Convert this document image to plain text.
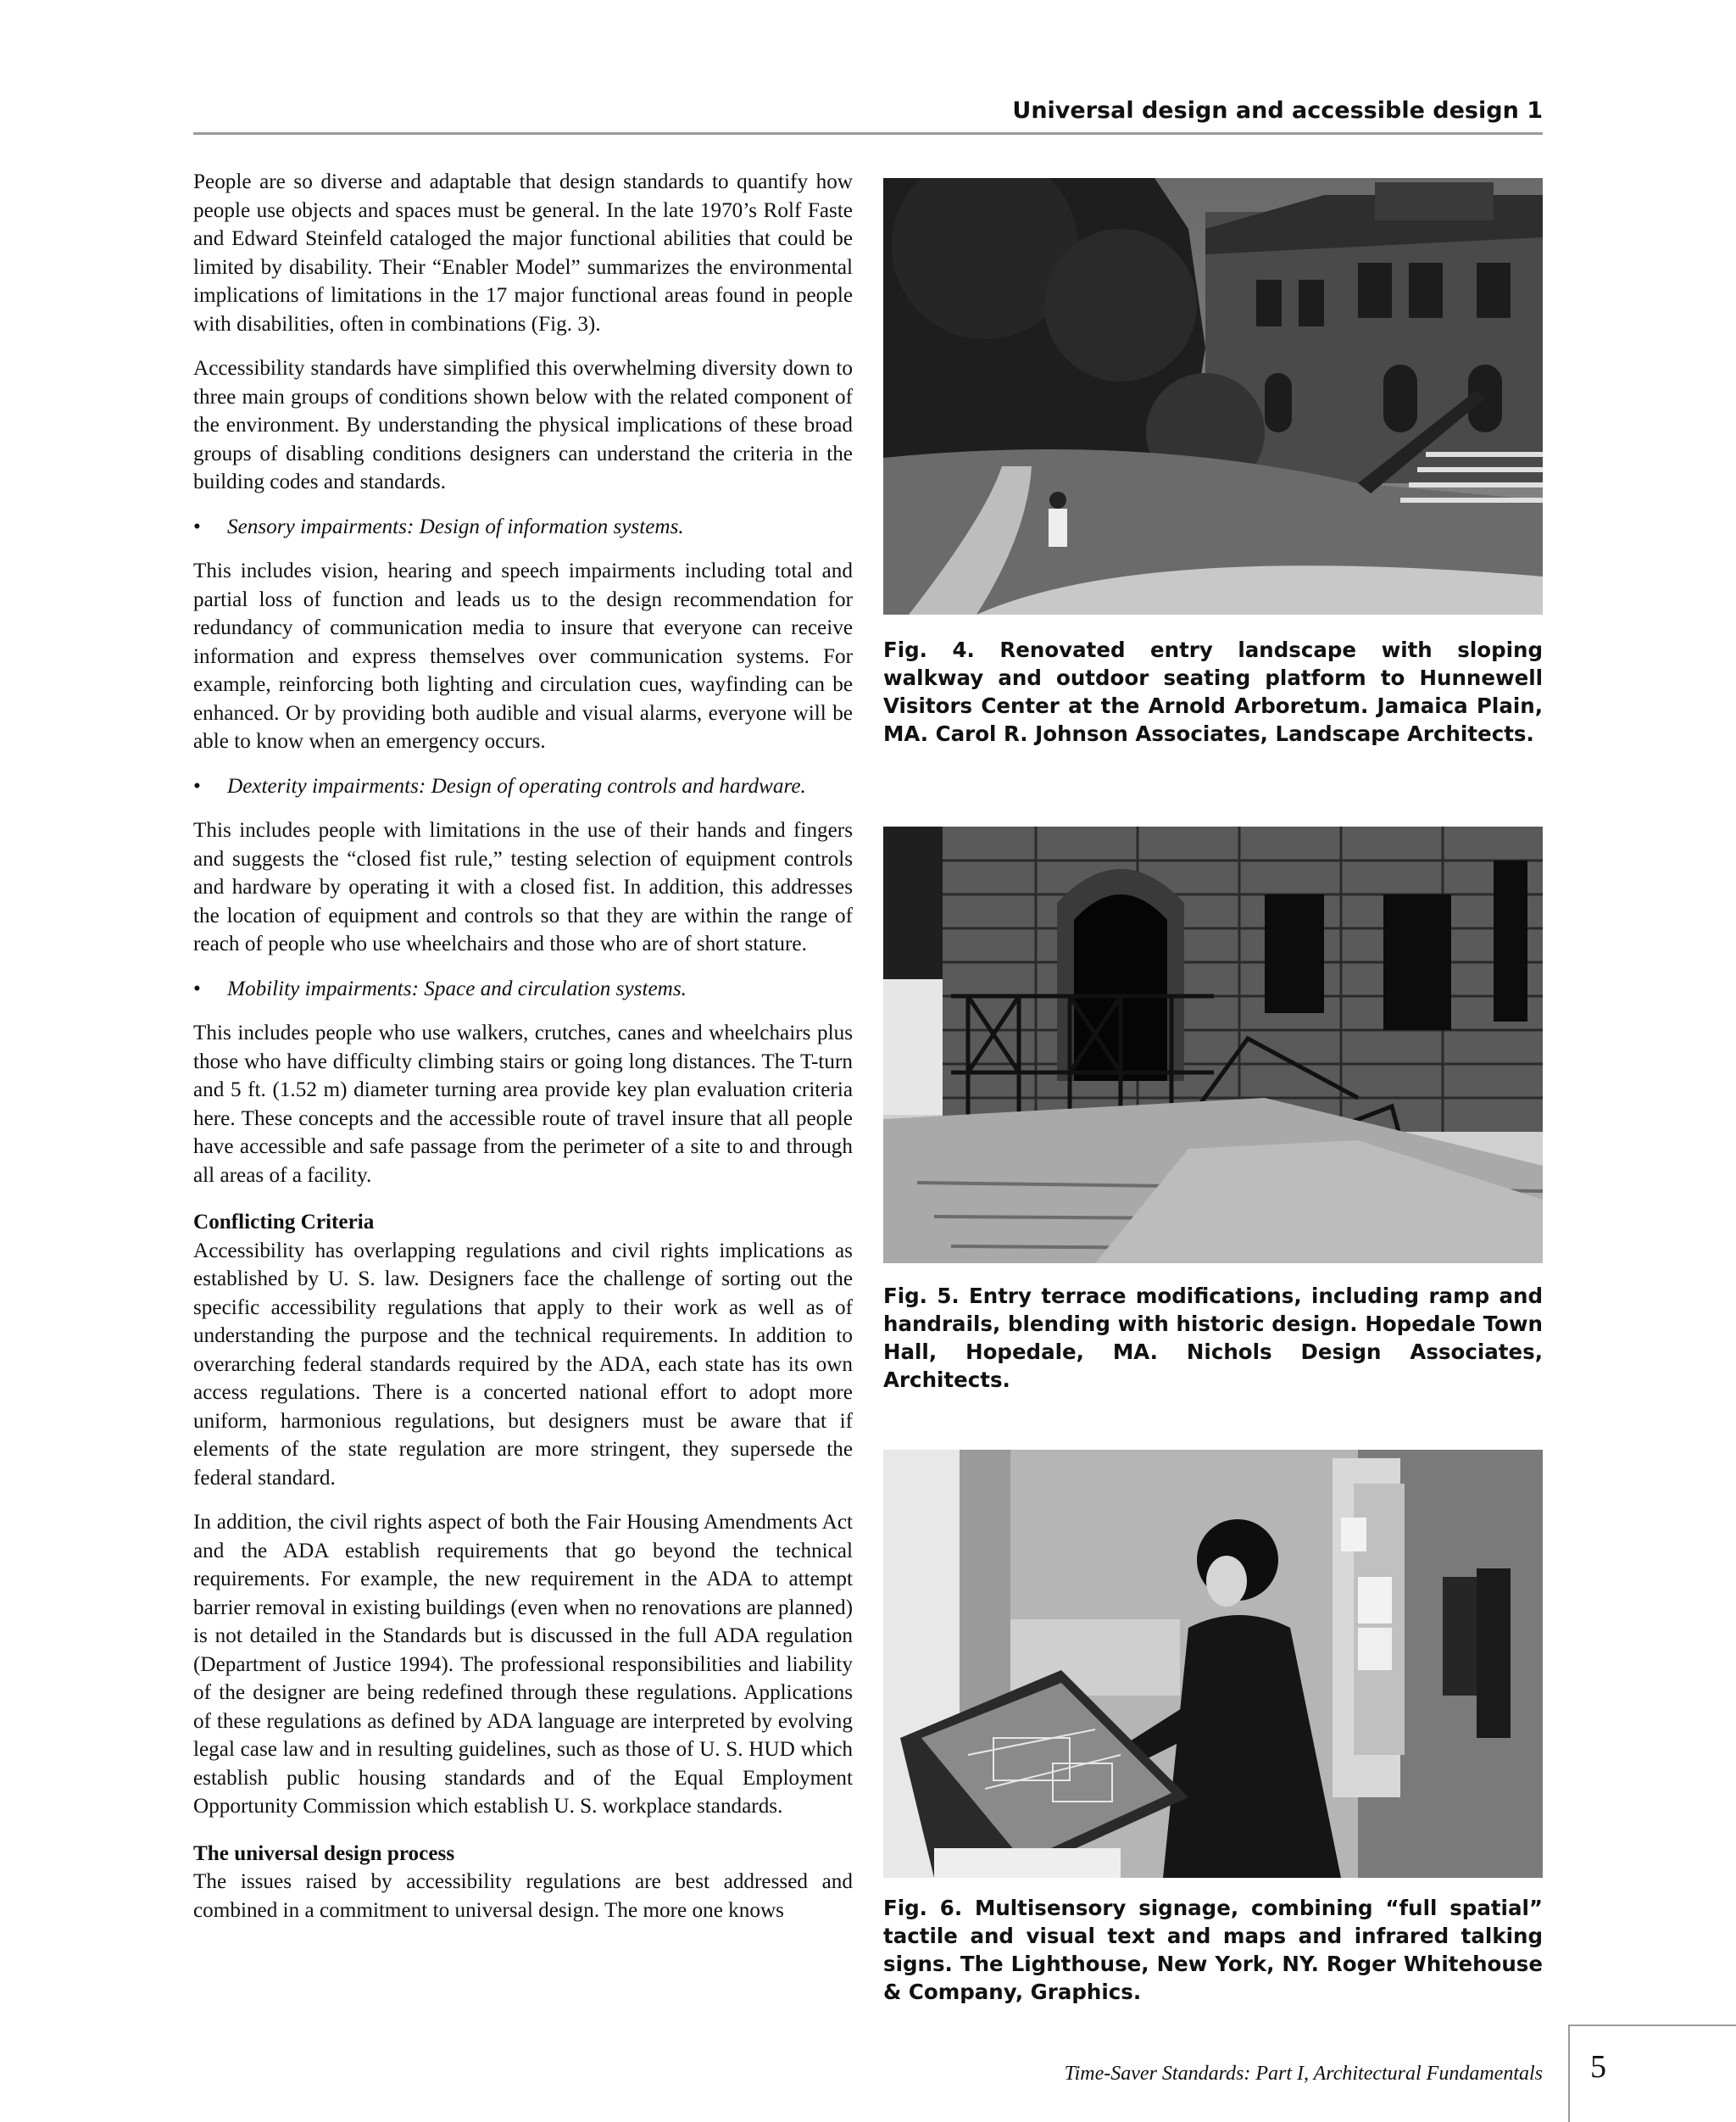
Universal design and accessible design 1

People are so diverse and adaptable that design standards to quantify how people use objects and spaces must be general. In the late 1970’s Rolf Faste and Edward Steinfeld cataloged the major functional abilities that could be limited by disability. Their “Enabler Model” summarizes the environmental implications of limitations in the 17 major functional areas found in people with disabilities, often in combinations (Fig. 3).

Accessibility standards have simplified this overwhelming diversity down to three main groups of conditions shown below with the related component of the environment. By understanding the physical implications of these broad groups of disabling conditions designers can understand the criteria in the building codes and standards.

• Sensory impairments: Design of information systems.

This includes vision, hearing and speech impairments including total and partial loss of function and leads us to the design recommendation for redundancy of communication media to insure that everyone can receive information and express themselves over communication systems. For example, reinforcing both lighting and circulation cues, wayfinding can be enhanced. Or by providing both audible and visual alarms, everyone will be able to know when an emergency occurs.

• Dexterity impairments: Design of operating controls and hardware.

This includes people with limitations in the use of their hands and fingers and suggests the “closed fist rule,” testing selection of equipment controls and hardware by operating it with a closed fist. In addition, this addresses the location of equipment and controls so that they are within the range of reach of people who use wheelchairs and those who are of short stature.

• Mobility impairments: Space and circulation systems.

This includes people who use walkers, crutches, canes and wheelchairs plus those who have difficulty climbing stairs or going long distances. The T-turn and 5 ft. (1.52 m) diameter turning area provide key plan evaluation criteria here. These concepts and the accessible route of travel insure that all people have accessible and safe passage from the perimeter of a site to and through all areas of a facility.

Conflicting Criteria

Accessibility has overlapping regulations and civil rights implications as established by U. S. law. Designers face the challenge of sorting out the specific accessibility regulations that apply to their work as well as of understanding the purpose and the technical requirements. In addition to overarching federal standards required by the ADA, each state has its own access regulations. There is a concerted national effort to adopt more uniform, harmonious regulations, but designers must be aware that if elements of the state regulation are more stringent, they supersede the federal standard.

In addition, the civil rights aspect of both the Fair Housing Amendments Act and the ADA establish requirements that go beyond the technical requirements. For example, the new requirement in the ADA to attempt barrier removal in existing buildings (even when no renovations are planned) is not detailed in the Standards but is discussed in the full ADA regulation (Department of Justice 1994). The professional responsibilities and liability of the designer are being redefined through these regulations. Applications of these regulations as defined by ADA language are interpreted by evolving legal case law and in resulting guidelines, such as those of U. S. HUD which establish public housing standards and of the Equal Employment Opportunity Commission which establish U. S. workplace standards.

The universal design process

The issues raised by accessibility regulations are best addressed and combined in a commitment to universal design. The more one knows

Fig. 4. Renovated entry landscape with sloping walkway and outdoor seating platform to Hunnewell Visitors Center at the Arnold Arboretum. Jamaica Plain, MA. Carol R. Johnson Associates, Landscape Architects.
Fig. 5. Entry terrace modifications, including ramp and handrails, blending with historic design. Hopedale Town Hall, Hopedale, MA. Nichols Design Associates, Architects.
Fig. 6. Multisensory signage, combining “full spatial” tactile and visual text and maps and infrared talking signs. The Lighthouse, New York, NY. Roger Whitehouse & Company, Graphics.
Time-Saver Standards: Part I, Architectural Fundamentals 5
